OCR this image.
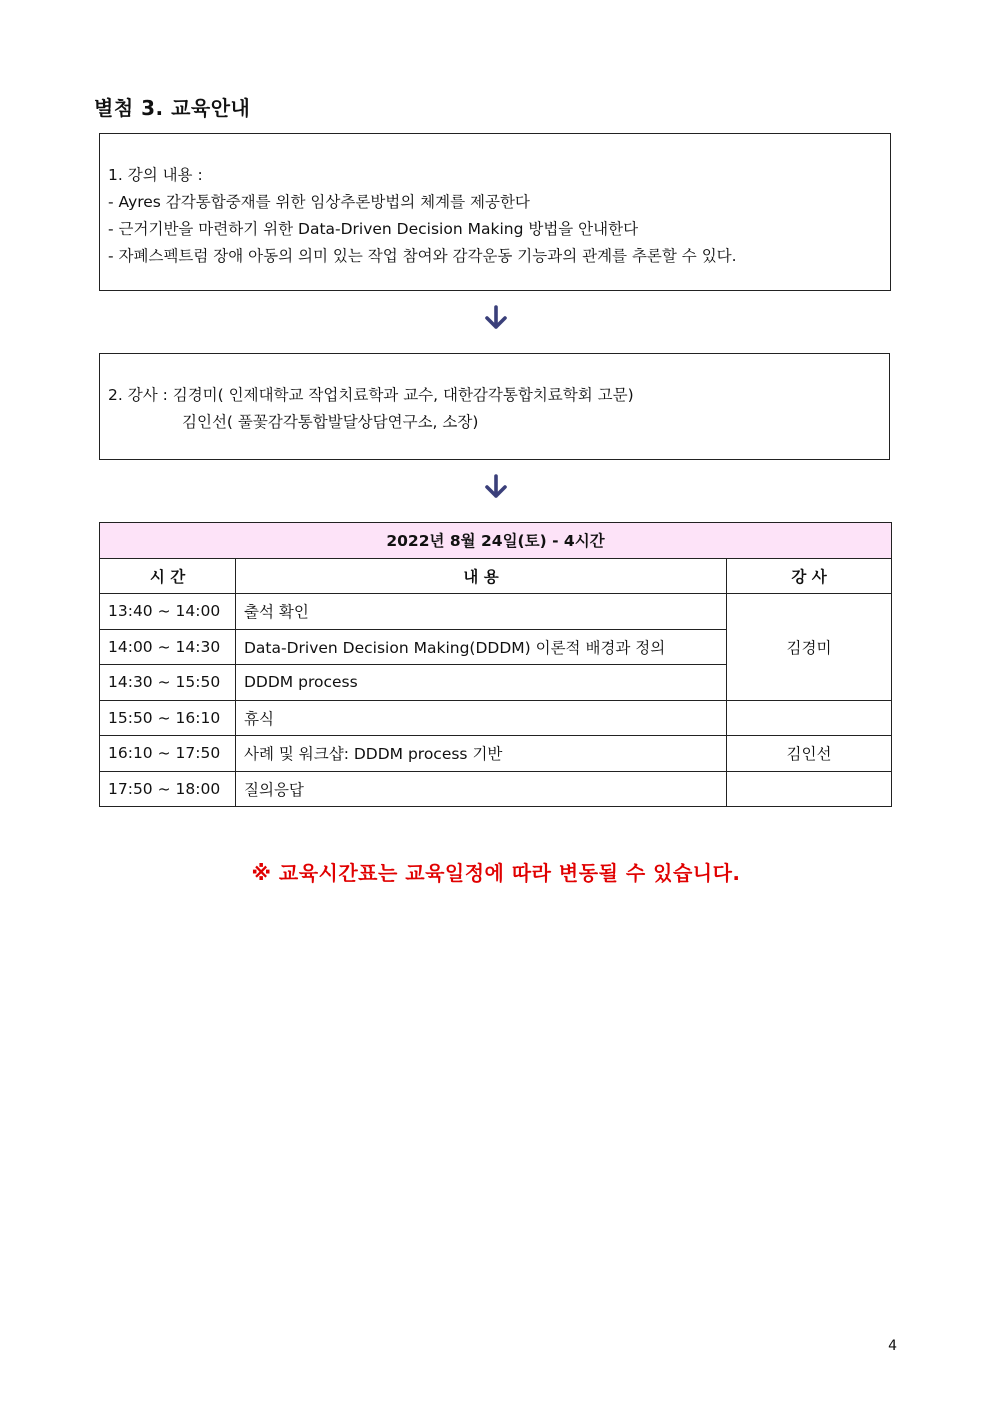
별첨 3. 교육안내
1. 강의 내용 :
- Ayres 감각통합중재를 위한 임상추론방법의 체계를 제공한다
- 근거기반을 마련하기 위한 Data-Driven Decision Making 방법을 안내한다
- 자폐스펙트럼 장애 아동의 의미 있는 작업 참여와 감각운동 기능과의 관계를 추론할 수 있다.
2. 강사 : 김경미( 인제대학교 작업치료학과 교수, 대한감각통합치료학회 고문)
김인선( 풀꽃감각통합발달상담연구소, 소장)
2022년 8월 24일(토) - 4시간		
시 간	내 용	강 사
13:40 ~ 14:00	출석 확인	김경미
14:00 ~ 14:30	Data-Driven Decision Making(DDDM) 이론적 배경과 정의	
14:30 ~ 15:50	DDDM process	
15:50 ~ 16:10	휴식	
16:10 ~ 17:50	사례 및 워크샵: DDDM process 기반	김인선
17:50 ~ 18:00	질의응답	
※ 교육시간표는 교육일정에 따라 변동될 수 있습니다.
4
